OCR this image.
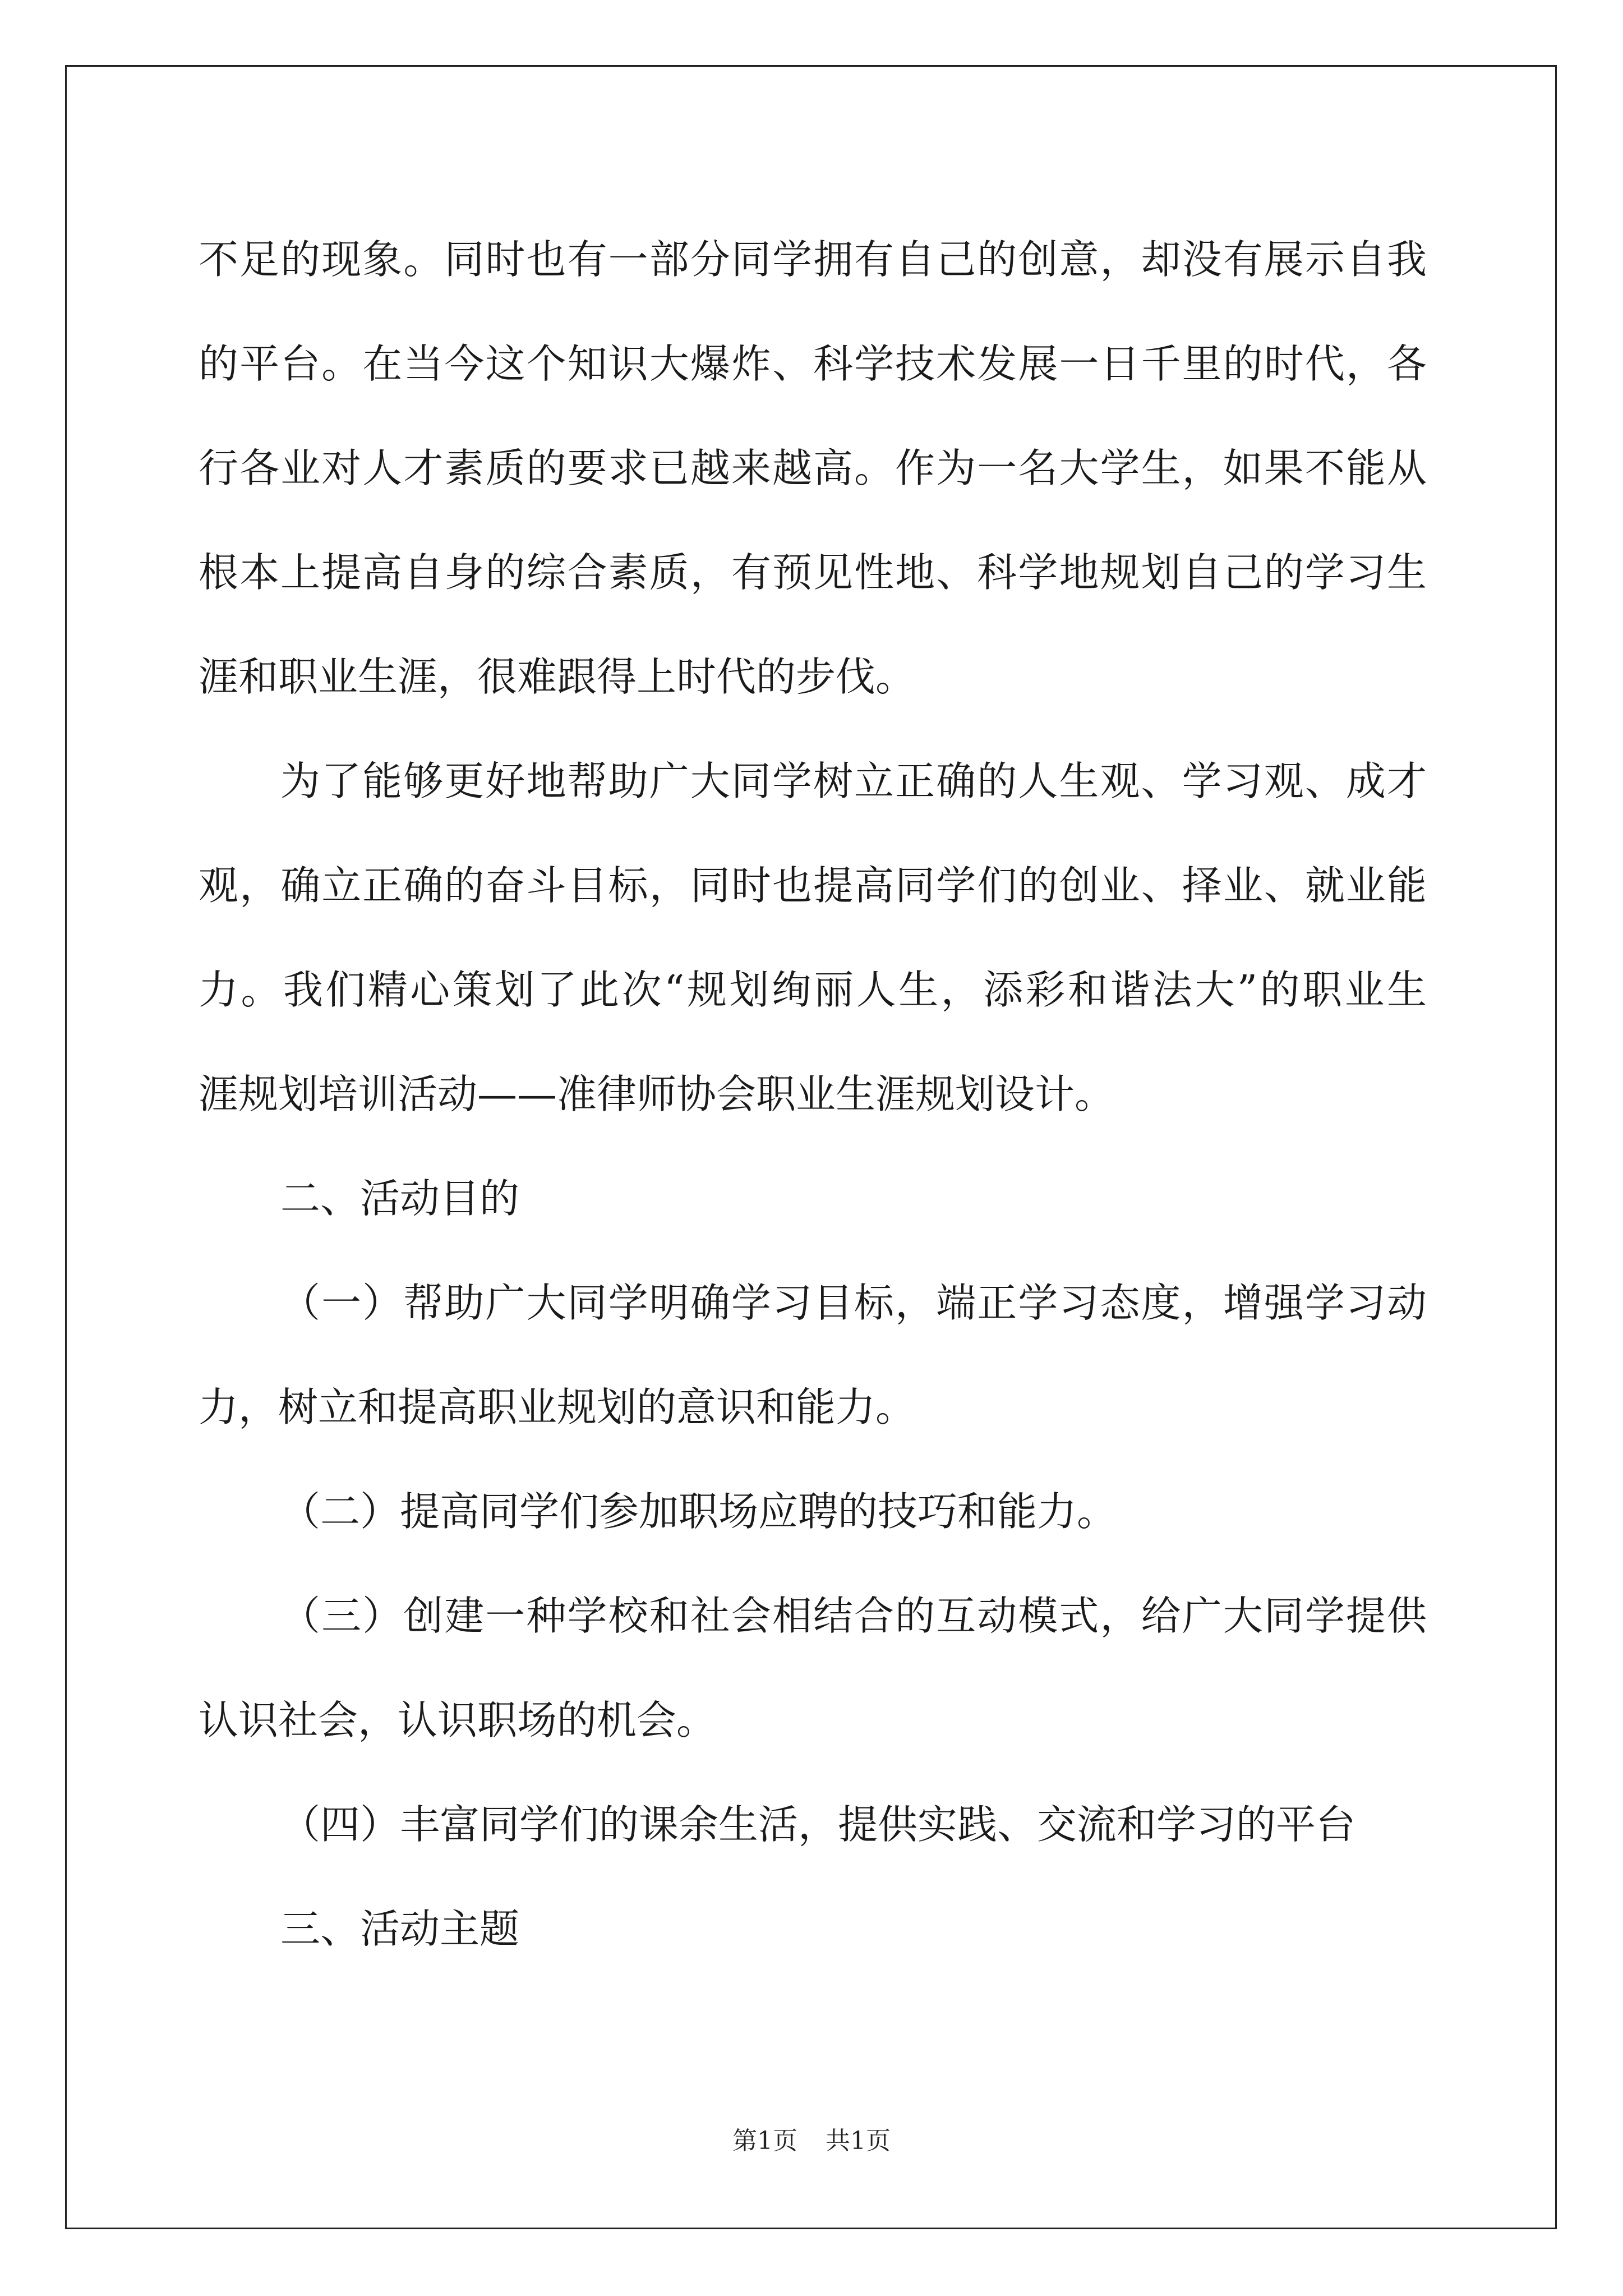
不足的现象。同时也有一部分同学拥有自己的创意，却没有展示自我
的平台。在当今这个知识大爆炸、科学技术发展一日千里的时代，各
行各业对人才素质的要求已越来越高。作为一名大学生，如果不能从
根本上提高自身的综合素质，有预见性地、科学地规划自己的学习生
涯和职业生涯，很难跟得上时代的步伐。

为了能够更好地帮助广大同学树立正确的人生观、学习观、成才
观，确立正确的奋斗目标，同时也提高同学们的创业、择业、就业能
力。我们精心策划了此次“规划绚丽人生，添彩和谐法大”的职业生
涯规划培训活动——准律师协会职业生涯规划设计。

二、活动目的

（一）帮助广大同学明确学习目标，端正学习态度，增强学习动
力，树立和提高职业规划的意识和能力。

（二）提高同学们参加职场应聘的技巧和能力。

（三）创建一种学校和社会相结合的互动模式，给广大同学提供
认识社会，认识职场的机会。

（四）丰富同学们的课余生活，提供实践、交流和学习的平台

三、活动主题

第1页 共1页
